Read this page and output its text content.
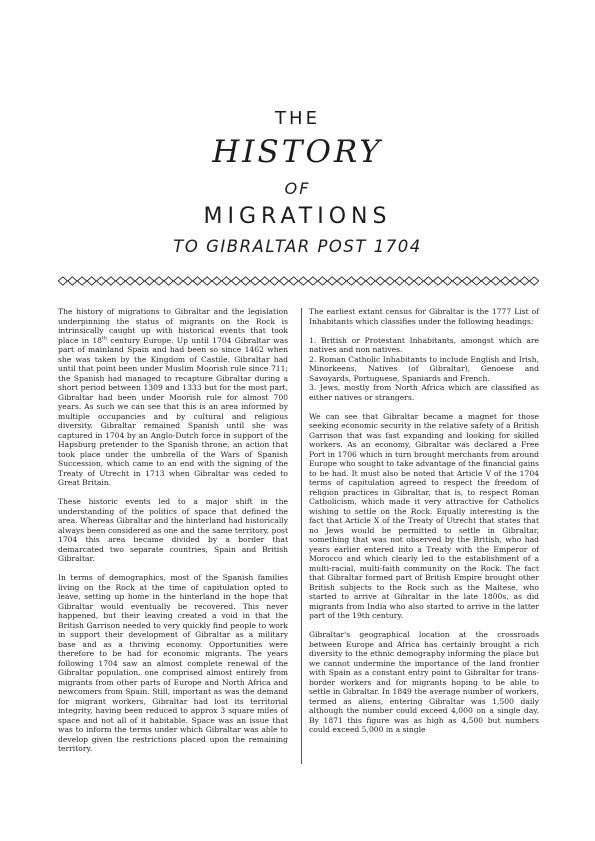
THE
HISTORY
OF
MIGRATIONS
TO GIBRALTAR POST 1704

The history of migrations to Gibraltar and the legislation underpinning the status of migrants on the Rock is intrinsically caught up with historical events that took place in 18th century Europe. Up until 1704 Gibraltar was part of mainland Spain and had been so since 1462 when she was taken by the Kingdom of Castile. Gibraltar had until that point been under Muslim Moorish rule since 711; the Spanish had managed to recapture Gibraltar during a short period between 1309 and 1333 but for the most part, Gibraltar had been under Moorish rule for almost 700 years. As such we can see that this is an area informed by multiple occupancies and by cultural and religious diversity. Gibraltar remained Spanish until she was captured in 1704 by an Anglo-Dutch force in support of the Hapsburg pretender to the Spanish throne, an action that took place under the umbrella of the Wars of Spanish Succession, which came to an end with the signing of the Treaty of Utrecht in 1713 when Gibraltar was ceded to Great Britain.

These historic events led to a major shift in the understanding of the politics of space that defined the area. Whereas Gibraltar and the hinterland had historically always been considered as one and the same territory, post 1704 this area became divided by a border that demarcated two separate countries, Spain and British Gibraltar.

In terms of demographics, most of the Spanish families living on the Rock at the time of capitulation opted to leave, setting up home in the hinterland in the hope that Gibraltar would eventually be recovered. This never happened, but their leaving created a void in that the British Garrison needed to very quickly find people to work in support their development of Gibraltar as a military base and as a thriving economy. Opportunities were therefore to be had for economic migrants. The years following 1704 saw an almost complete renewal of the Gibraltar population, one comprised almost entirely from migrants from other parts of Europe and North Africa and newcomers from Spain. Still, important as was the demand for migrant workers, Gibraltar had lost its territorial integrity, having been reduced to approx 3 square miles of space and not all of it habitable. Space was an issue that was to inform the terms under which Gibraltar was able to develop given the restrictions placed upon the remaining territory.

The earliest extant census for Gibraltar is the 1777 List of Inhabitants which classifies under the following headings:

1. British or Protestant Inhabitants, amongst which are natives and non natives.
2. Roman Catholic Inhabitants to include English and Irish, Minorkeens, Natives (of Gibraltar), Genoese and Savoyards, Portuguese, Spaniards and French.
3. Jews, mostly from North Africa which are classified as either natives or strangers.

We can see that Gibraltar became a magnet for those seeking economic security in the relative safety of a British Garrison that was fast expanding and looking for skilled workers. As an economy, Gibraltar was declared a Free Port in 1706 which in turn brought merchants from around Europe who sought to take advantage of the financial gains to be had. It must also be noted that Article V of the 1704 terms of capitulation agreed to respect the freedom of religion practices in Gibraltar, that is, to respect Roman Catholicism, which made it very attractive for Catholics wishing to settle on the Rock. Equally interesting is the fact that Article X of the Treaty of Utrecht that states that no Jews would be permitted to settle in Gibraltar, something that was not observed by the British, who had years earlier entered into a Treaty with the Emperor of Morocco and which clearly led to the establishment of a multi-racial, multi-faith community on the Rock. The fact that Gibraltar formed part of British Empire brought other British subjects to the Rock such as the Maltese, who started to arrive at Gibraltar in the late 1800s, as did migrants from India who also started to arrive in the latter part of the 19th century.

Gibraltar's geographical location at the crossroads between Europe and Africa has certainly brought a rich diversity to the ethnic demography informing the place but we cannot undermine the importance of the land frontier with Spain as a constant entry point to Gibraltar for trans-border workers and for migrants hoping to be able to settle in Gibraltar. In 1849 the average number of workers, termed as aliens, entering Gibraltar was 1,500 daily although the number could exceed 4,000 on a single day. By 1871 this figure was as high as 4,500 but numbers could exceed 5,000 in a single
